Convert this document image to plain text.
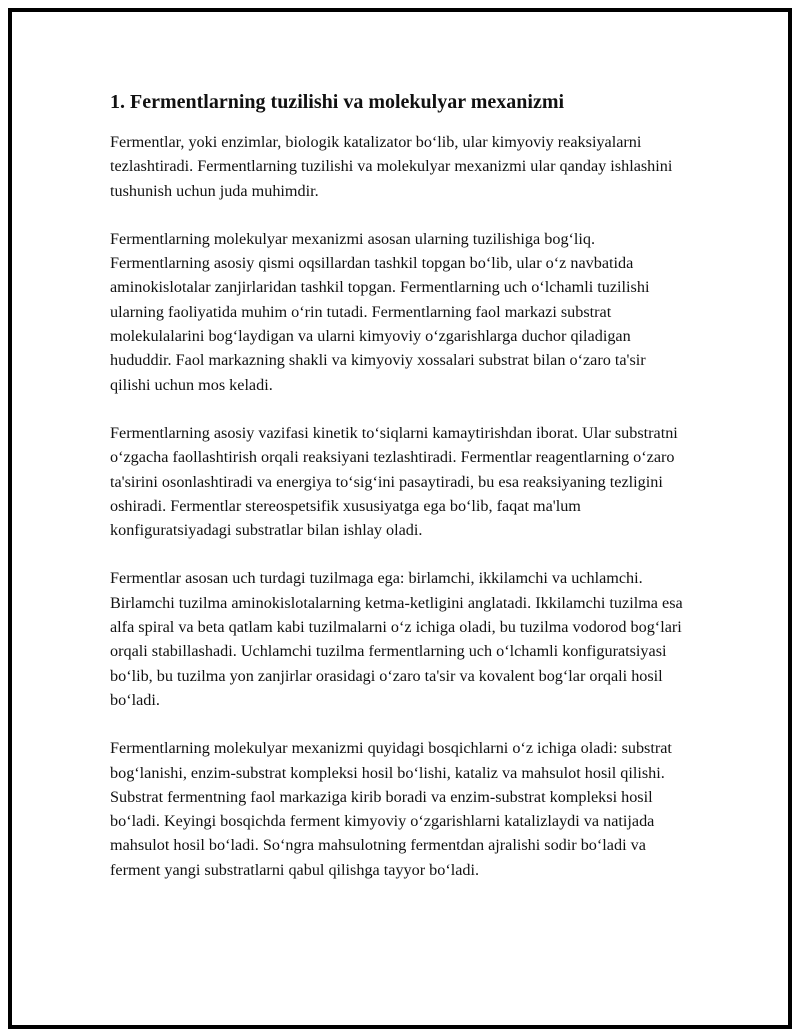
1. Fermentlarning tuzilishi va molekulyar mexanizmi

Fermentlar, yoki enzimlar, biologik katalizator bo‘lib, ular kimyoviy reaksiyalarni tezlashtiradi. Fermentlarning tuzilishi va molekulyar mexanizmi ular qanday ishlashini tushunish uchun juda muhimdir.

Fermentlarning molekulyar mexanizmi asosan ularning tuzilishiga bog‘liq. Fermentlarning asosiy qismi oqsillardan tashkil topgan bo‘lib, ular o‘z navbatida aminokislotalar zanjirlaridan tashkil topgan. Fermentlarning uch o‘lchamli tuzilishi ularning faoliyatida muhim o‘rin tutadi. Fermentlarning faol markazi substrat molekulalarini bog‘laydigan va ularni kimyoviy o‘zgarishlarga duchor qiladigan hududdir. Faol markazning shakli va kimyoviy xossalari substrat bilan o‘zaro ta'sir qilishi uchun mos keladi.

Fermentlarning asosiy vazifasi kinetik to‘siqlarni kamaytirishdan iborat. Ular substratni o‘zgacha faollashtirish orqali reaksiyani tezlashtiradi. Fermentlar reagentlarning o‘zaro ta'sirini osonlashtiradi va energiya to‘sig‘ini pasaytiradi, bu esa reaksiyaning tezligini oshiradi. Fermentlar stereospetsifik xususiyatga ega bo‘lib, faqat ma'lum konfiguratsiyadagi substratlar bilan ishlay oladi.

Fermentlar asosan uch turdagi tuzilmaga ega: birlamchi, ikkilamchi va uchlamchi. Birlamchi tuzilma aminokislotalarning ketma-ketligini anglatadi. Ikkilamchi tuzilma esa alfa spiral va beta qatlam kabi tuzilmalarni o‘z ichiga oladi, bu tuzilma vodorod bog‘lari orqali stabillashadi. Uchlamchi tuzilma fermentlarning uch o‘lchamli konfiguratsiyasi bo‘lib, bu tuzilma yon zanjirlar orasidagi o‘zaro ta'sir va kovalent bog‘lar orqali hosil bo‘ladi.

Fermentlarning molekulyar mexanizmi quyidagi bosqichlarni o‘z ichiga oladi: substrat bog‘lanishi, enzim-substrat kompleksi hosil bo‘lishi, kataliz va mahsulot hosil qilishi. Substrat fermentning faol markaziga kirib boradi va enzim-substrat kompleksi hosil bo‘ladi. Keyingi bosqichda ferment kimyoviy o‘zgarishlarni katalizlaydi va natijada mahsulot hosil bo‘ladi. So‘ngra mahsulotning fermentdan ajralishi sodir bo‘ladi va ferment yangi substratlarni qabul qilishga tayyor bo‘ladi.
